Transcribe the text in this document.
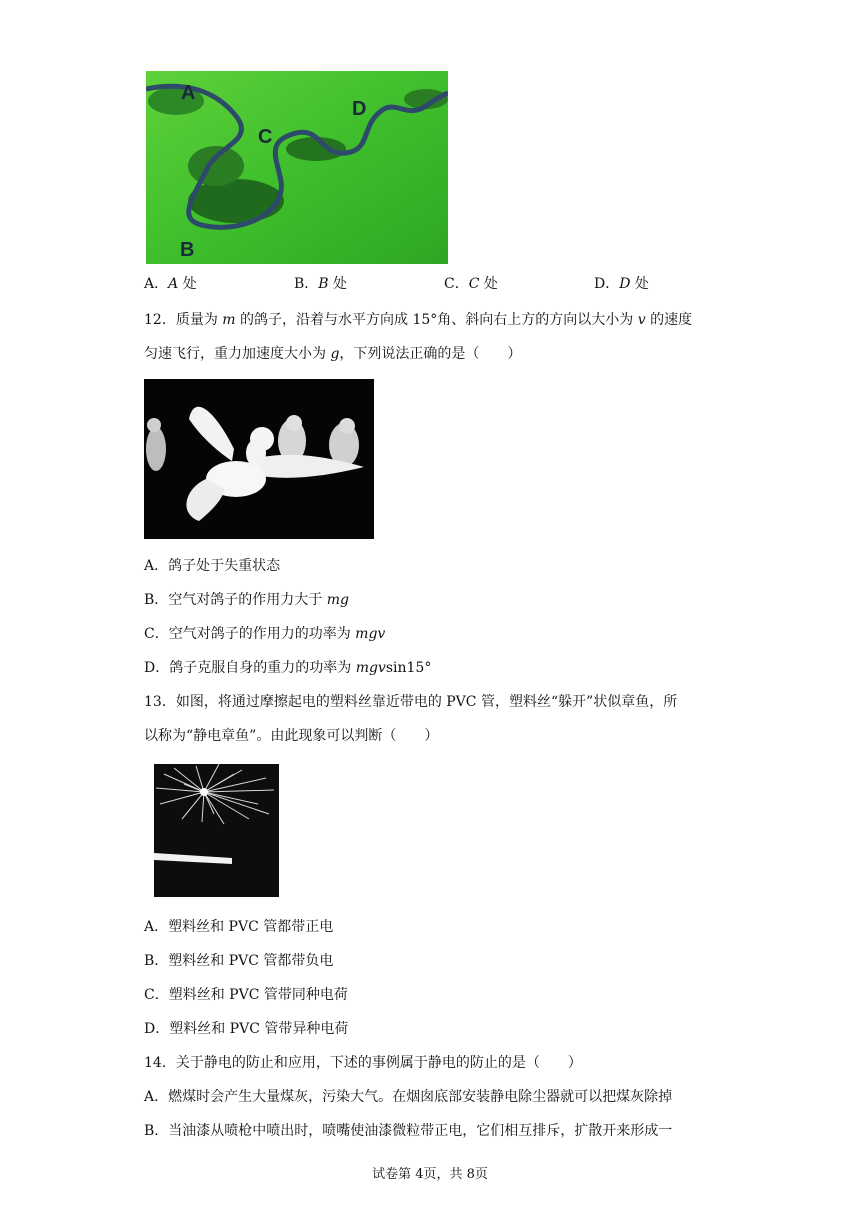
A
B
C
D
A．A 处	B．B 处	C．C 处	D．D 处
12．质量为 m 的鸽子，沿着与水平方向成 15°角、斜向右上方的方向以大小为 v 的速度
匀速飞行，重力加速度大小为 g，下列说法正确的是（　　）
A．鸽子处于失重状态
B．空气对鸽子的作用力大于 mg
C．空气对鸽子的作用力的功率为 mgv
D．鸽子克服自身的重力的功率为 mgvsin15°
13．如图，将通过摩擦起电的塑料丝靠近带电的 PVC 管，塑料丝“躲开”状似章鱼，所
以称为“静电章鱼”。由此现象可以判断（　　）
A．塑料丝和 PVC 管都带正电
B．塑料丝和 PVC 管都带负电
C．塑料丝和 PVC 管带同种电荷
D．塑料丝和 PVC 管带异种电荷
14．关于静电的防止和应用，下述的事例属于静电的防止的是（　　）
A．燃煤时会产生大量煤灰，污染大气。在烟囱底部安装静电除尘器就可以把煤灰除掉
B．当油漆从喷枪中喷出时，喷嘴使油漆微粒带正电，它们相互排斥，扩散开来形成一
试卷第 4页，共 8页
